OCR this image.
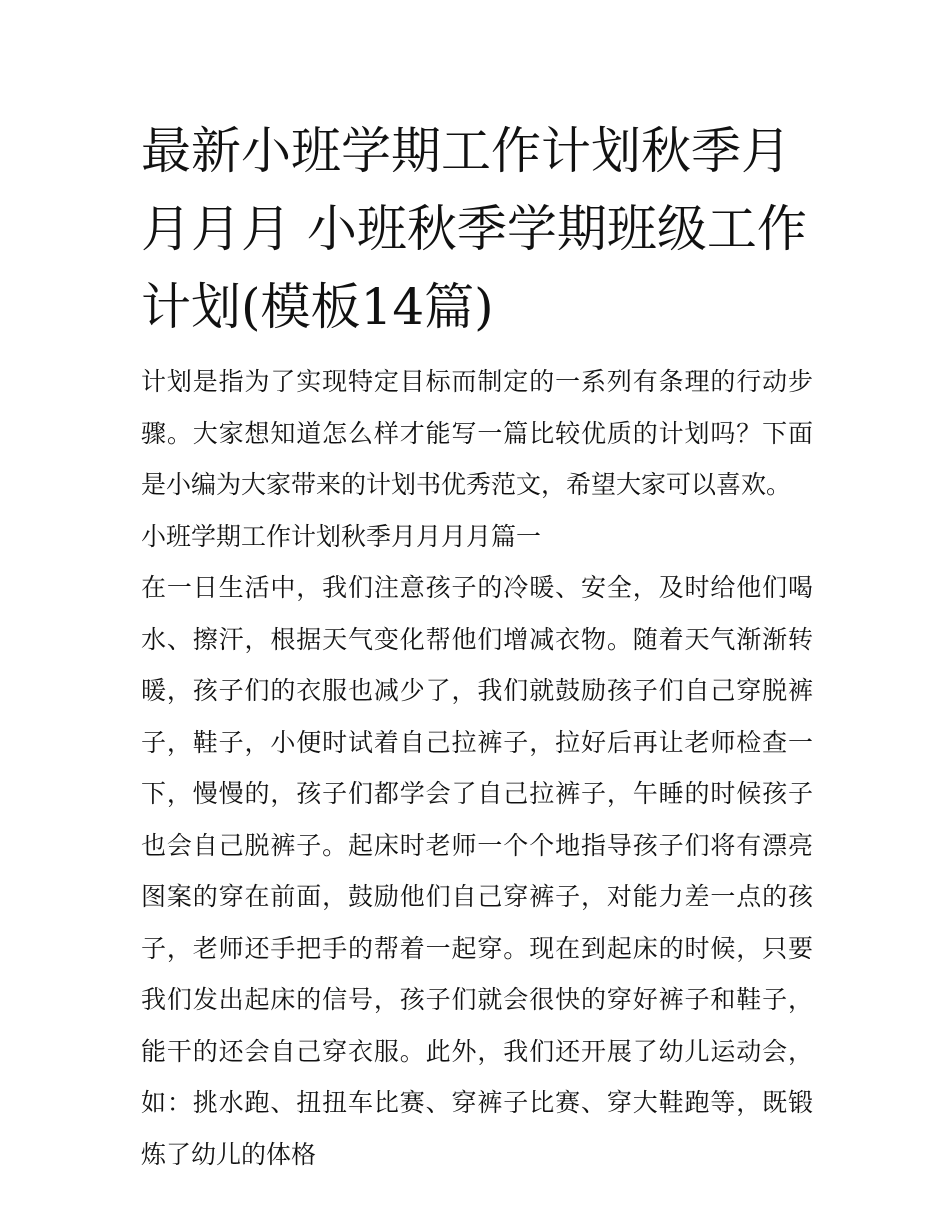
最新小班学期工作计划秋季月月月月 小班秋季学期班级工作计划(模板14篇)

计划是指为了实现特定目标而制定的一系列有条理的行动步骤。大家想知道怎么样才能写一篇比较优质的计划吗？下面是小编为大家带来的计划书优秀范文，希望大家可以喜欢。

小班学期工作计划秋季月月月月篇一

在一日生活中，我们注意孩子的冷暖、安全，及时给他们喝水、擦汗，根据天气变化帮他们增减衣物。随着天气渐渐转暖，孩子们的衣服也减少了，我们就鼓励孩子们自己穿脱裤子，鞋子，小便时试着自己拉裤子，拉好后再让老师检查一下，慢慢的，孩子们都学会了自己拉裤子，午睡的时候孩子也会自己脱裤子。起床时老师一个个地指导孩子们将有漂亮图案的穿在前面，鼓励他们自己穿裤子，对能力差一点的孩子，老师还手把手的帮着一起穿。现在到起床的时候，只要我们发出起床的信号，孩子们就会很快的穿好裤子和鞋子，能干的还会自己穿衣服。此外，我们还开展了幼儿运动会，如：挑水跑、扭扭车比赛、穿裤子比赛、穿大鞋跑等，既锻炼了幼儿的体格
